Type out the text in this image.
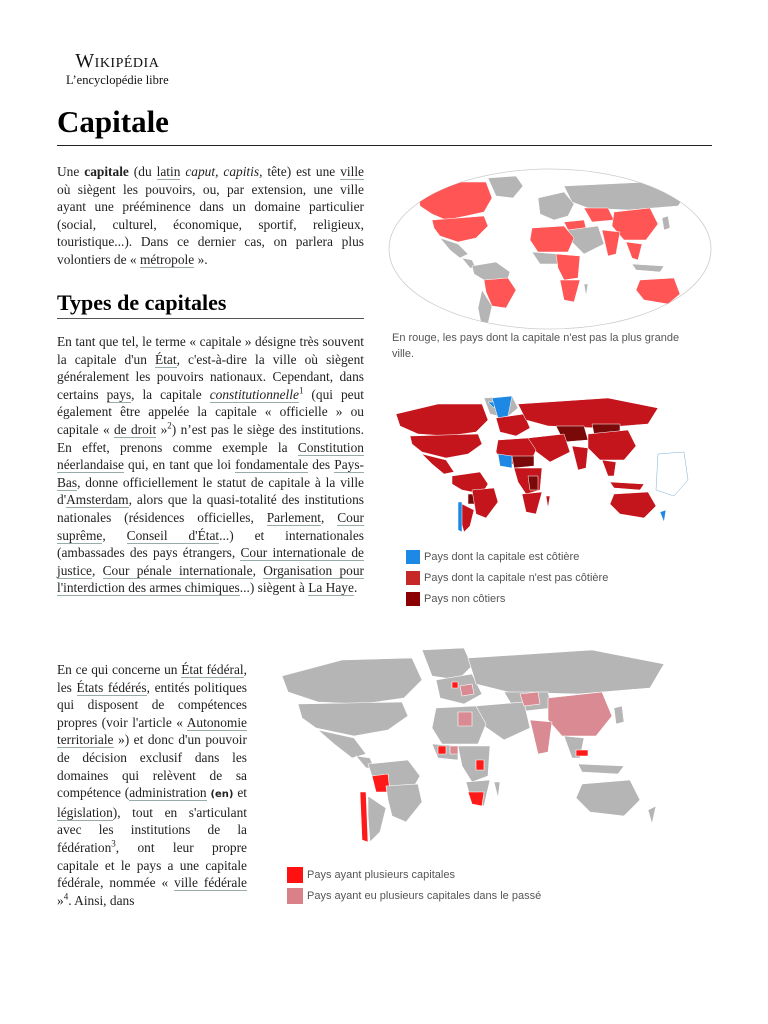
Wikipédia
L’encyclopédie libre
Capitale

Une capitale (du latin caput, capitis, tête) est une ville où siègent les pouvoirs, ou, par extension, une ville ayant une prééminence dans un domaine particulier (social, culturel, économique, sportif, religieux, touristique...). Dans ce dernier cas, on parlera plus volontiers de « métropole ».

Types de capitales

En tant que tel, le terme « capitale » désigne très souvent la capitale d'un État, c'est-à-dire la ville où siègent généralement les pouvoirs nationaux. Cependant, dans certains pays, la capitale constitutionnelle$^1$ (qui peut également être appelée la capitale « officielle » ou capitale « de droit »$^2$) n’est pas le siège des institutions. En effet, prenons comme exemple la Constitution néerlandaise qui, en tant que loi fondamentale des Pays-Bas, donne officiellement le statut de capitale à la ville d'Amsterdam, alors que la quasi-totalité des institutions nationales (résidences officielles, Parlement, Cour suprême, Conseil d'État...) et internationales (ambassades des pays étrangers, Cour internationale de justice, Cour pénale internationale, Organisation pour l'interdiction des armes chimiques...) siègent à La Haye.

En ce qui concerne un État fédéral, les États fédérés, entités politiques qui disposent de compétences propres (voir l'article « Autonomie territoriale ») et donc d'un pouvoir de décision exclusif dans les domaines qui relèvent de sa compétence (administration (en) et législation), tout en s'articulant avec les institutions de la fédération$^3$, ont leur propre capitale et le pays a une capitale fédérale, nommée « ville fédérale »$^4$. Ainsi, dans

En rouge, les pays dont la capitale n'est pas la plus grande ville.
Pays dont la capitale est côtière
Pays dont la capitale n'est pas côtière
Pays non côtiers
Pays ayant plusieurs capitales
Pays ayant eu plusieurs capitales dans le passé
